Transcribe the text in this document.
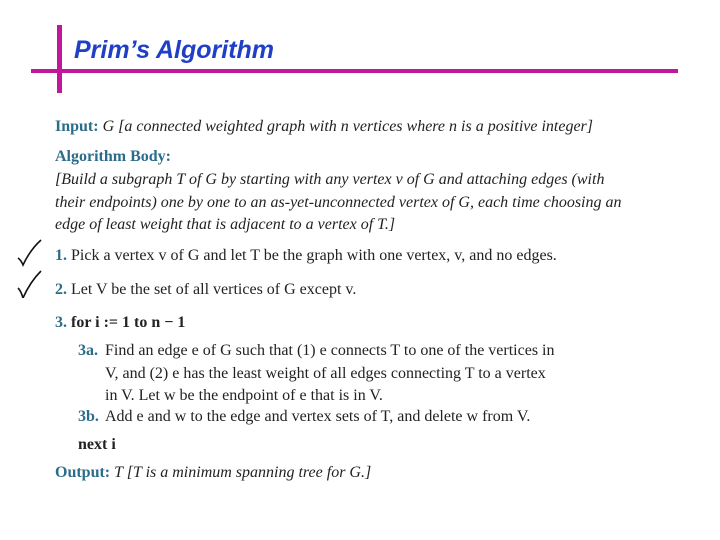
Prim’s Algorithm
Input: G [a connected weighted graph with n vertices where n is a positive integer]
Algorithm Body:
[Build a subgraph T of G by starting with any vertex v of G and attaching edges (with
their endpoints) one by one to an as-yet-unconnected vertex of G, each time choosing an
edge of least weight that is adjacent to a vertex of T.]
1. Pick a vertex v of G and let T be the graph with one vertex, v, and no edges.
2. Let V be the set of all vertices of G except v.
3. for i := 1 to n − 1
3a. Find an edge e of G such that (1) e connects T to one of the vertices in
V, and (2) e has the least weight of all edges connecting T to a vertex
in V. Let w be the endpoint of e that is in V.
3b. Add e and w to the edge and vertex sets of T, and delete w from V.
next i
Output: T [T is a minimum spanning tree for G.]
